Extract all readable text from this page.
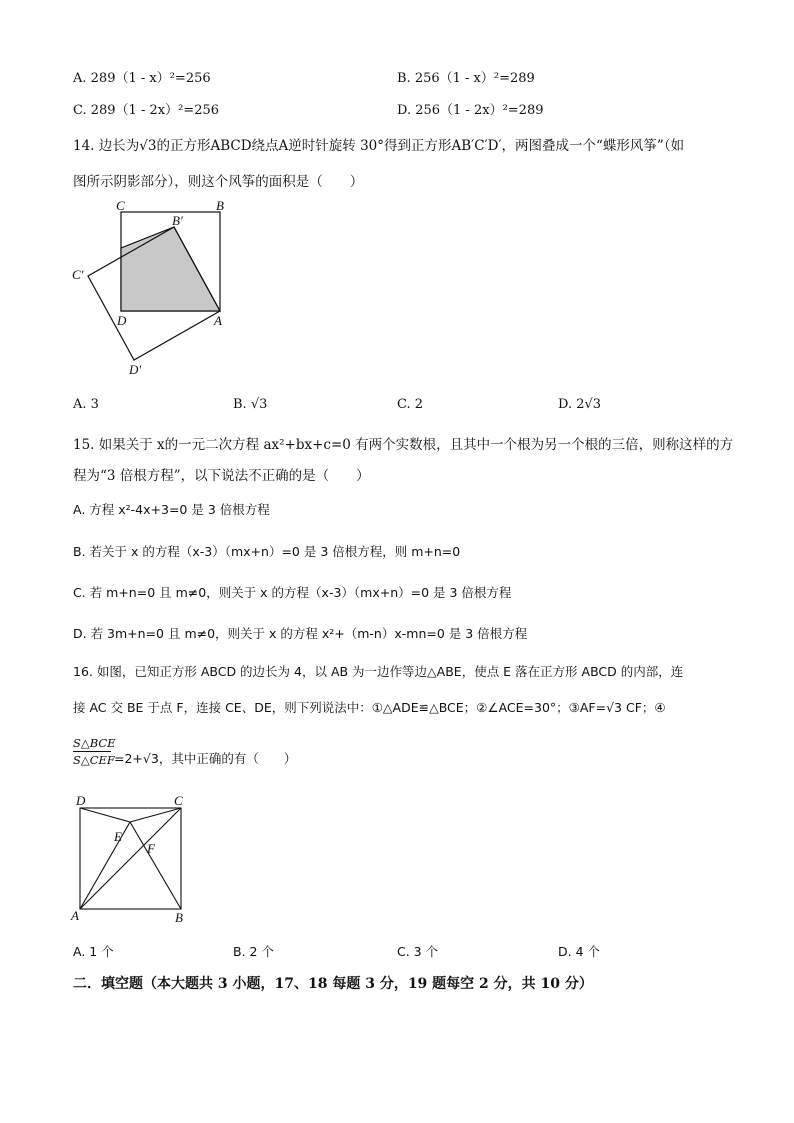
A. 289（1 - x）²=256	B. 256（1 - x）²=289
C. 289（1 - 2x）²=256	D. 256（1 - 2x）²=289
14. 边长为√3的正方形ABCD绕点A逆时针旋转 30°得到正方形AB′C′D′，两图叠成一个“蝶形风筝”（如
图所示阴影部分），则这个风筝的面积是（　　）
C	B
B′
C′
D	A
D′
A. 3	B. √3	C. 2	D. 2√3
15. 如果关于 x的一元二次方程 ax²+bx+c=0 有两个实数根，且其中一个根为另一个根的三倍，则称这样的方
程为“3 倍根方程”，以下说法不正确的是（　　）
A. 方程 x²-4x+3=0 是 3 倍根方程
B. 若关于 x 的方程（x-3）（mx+n）=0 是 3 倍根方程，则 m+n=0
C. 若 m+n=0 且 m≠0，则关于 x 的方程（x-3）（mx+n）=0 是 3 倍根方程
D. 若 3m+n=0 且 m≠0，则关于 x 的方程 x²+（m-n）x-mn=0 是 3 倍根方程
16. 如图，已知正方形 ABCD 的边长为 4，以 AB 为一边作等边△ABE，使点 E 落在正方形 ABCD 的内部，连
接 AC 交 BE 于点 F，连接 CE、DE，则下列说法中：①△ADE≌△BCE；②∠ACE=30°；③AF=√3 CF；④
S△BCE
S△CEF =2+√3，其中正确的有（　　）
D	C
E
F
A	B
A. 1 个	B. 2 个	C. 3 个	D. 4 个
二．填空题（本大题共 3 小题，17、18 每题 3 分，19 题每空 2 分，共 10 分）
